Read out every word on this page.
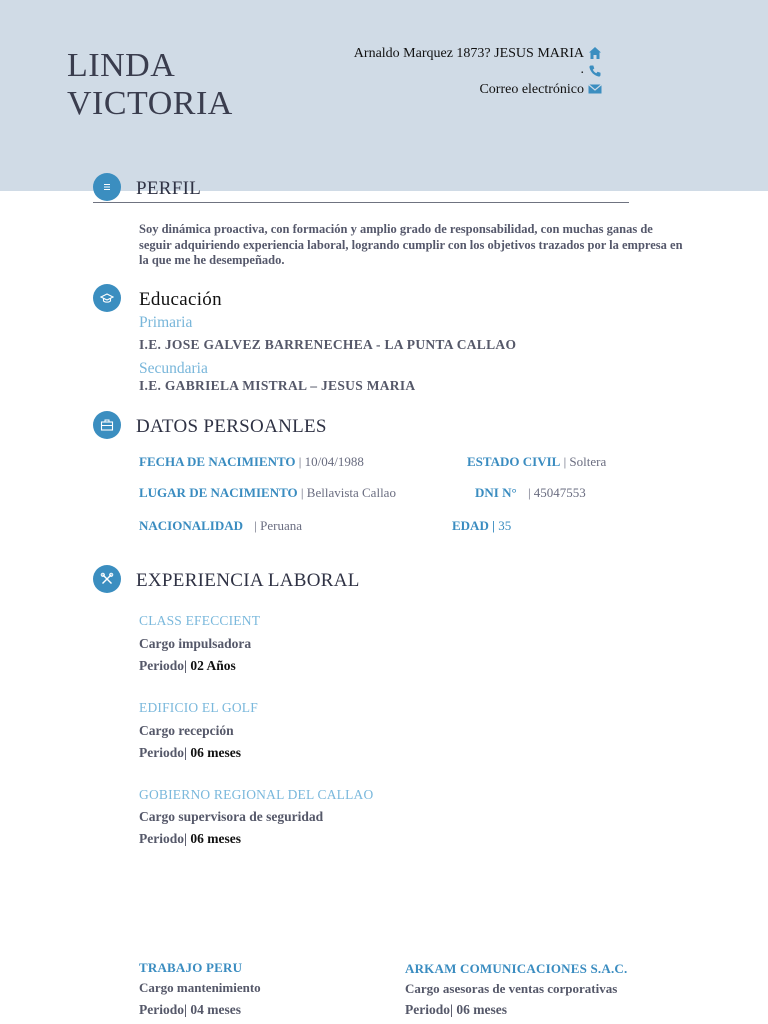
LINDA
VICTORIA
Arnaldo Marquez 1873? JESUS MARIA
.
Correo electrónico
PERFIL
Soy dinámica proactiva, con formación y amplio grado de responsabilidad, con muchas ganas de seguir adquiriendo experiencia laboral, logrando cumplir con los objetivos trazados por la empresa en la que me he desempeñado.
Educación
Primaria
I.E. JOSE GALVEZ BARRENECHEA - LA PUNTA CALLAO
Secundaria
I.E. GABRIELA MISTRAL – JESUS MARIA
DATOS PERSOANLES
FECHA DE NACIMIENTO | 10/04/1988	ESTADO CIVIL | Soltera
LUGAR DE NACIMIENTO | Bellavista Callao	DNI N° | 45047553
NACIONALIDAD | Peruana	EDAD | 35
EXPERIENCIA LABORAL
CLASS EFECCIENT
Cargo impulsadora
Periodo| 02 Años
EDIFICIO EL GOLF
Cargo recepción
Periodo| 06 meses
GOBIERNO REGIONAL DEL CALLAO
Cargo supervisora de seguridad
Periodo| 06 meses
TRABAJO PERU
Cargo mantenimiento
Periodo| 04 meses
ARKAM COMUNICACIONES S.A.C.
Cargo asesoras de ventas corporativas
Periodo| 06 meses
